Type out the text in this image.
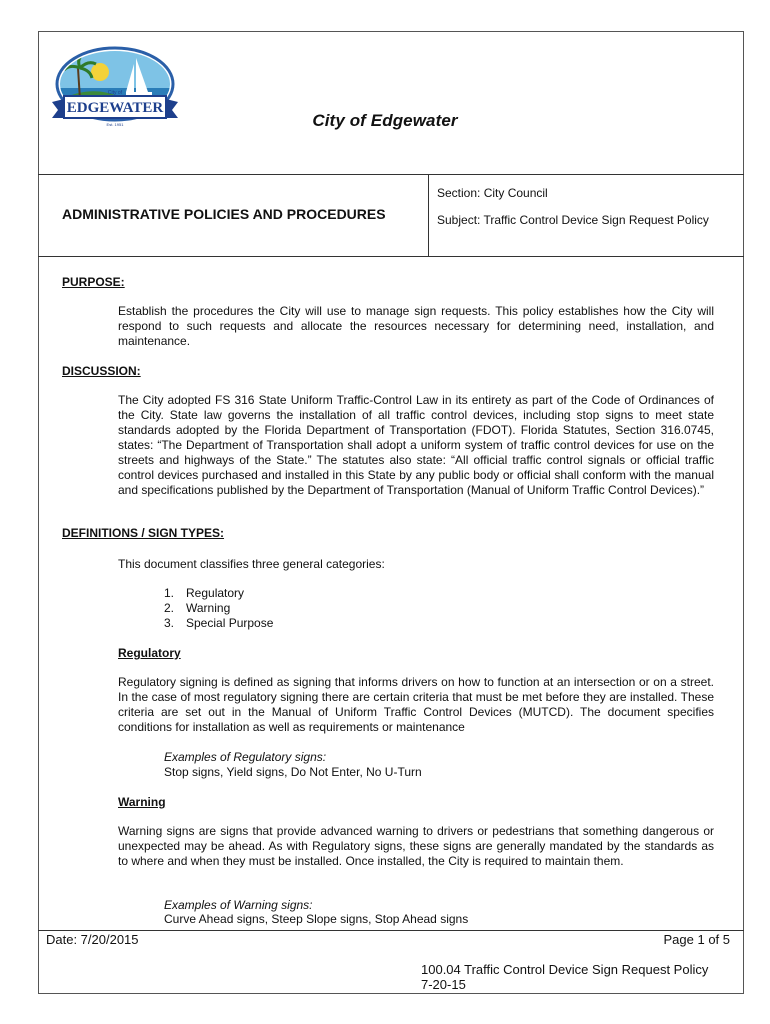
City of
EDGEWATER
Est. 1951	City of Edgewater
ADMINISTRATIVE POLICIES AND PROCEDURES
Section: City Council
Subject: Traffic Control Device Sign Request Policy
PURPOSE:

Establish the procedures the City will use to manage sign requests. This policy establishes how the City will respond to such requests and allocate the resources necessary for determining need, installation, and maintenance.

DISCUSSION:

The City adopted FS 316 State Uniform Traffic-Control Law in its entirety as part of the Code of Ordinances of the City. State law governs the installation of all traffic control devices, including stop signs to meet state standards adopted by the Florida Department of Transportation (FDOT). Florida Statutes, Section 316.0745, states: “The Department of Transportation shall adopt a uniform system of traffic control devices for use on the streets and highways of the State.” The statutes also state: “All official traffic control signals or official traffic control devices purchased and installed in this State by any public body or official shall conform with the manual and specifications published by the Department of Transportation (Manual of Uniform Traffic Control Devices).”

DEFINITIONS / SIGN TYPES:
This document classifies three general categories:
1. Regulatory
2. Warning
3. Special Purpose
Regulatory

Regulatory signing is defined as signing that informs drivers on how to function at an intersection or on a street. In the case of most regulatory signing there are certain criteria that must be met before they are installed. These criteria are set out in the Manual of Uniform Traffic Control Devices (MUTCD). The document specifies conditions for installation as well as requirements or maintenance

Examples of Regulatory signs:
Stop signs, Yield signs, Do Not Enter, No U-Turn
Warning

Warning signs are signs that provide advanced warning to drivers or pedestrians that something dangerous or unexpected may be ahead. As with Regulatory signs, these signs are generally mandated by the standards as to where and when they must be installed. Once installed, the City is required to maintain them.

Examples of Warning signs:
Curve Ahead signs, Steep Slope signs, Stop Ahead signs
Date: 7/20/2015	Page 1 of 5
100.04 Traffic Control Device Sign Request Policy
7-20-15
